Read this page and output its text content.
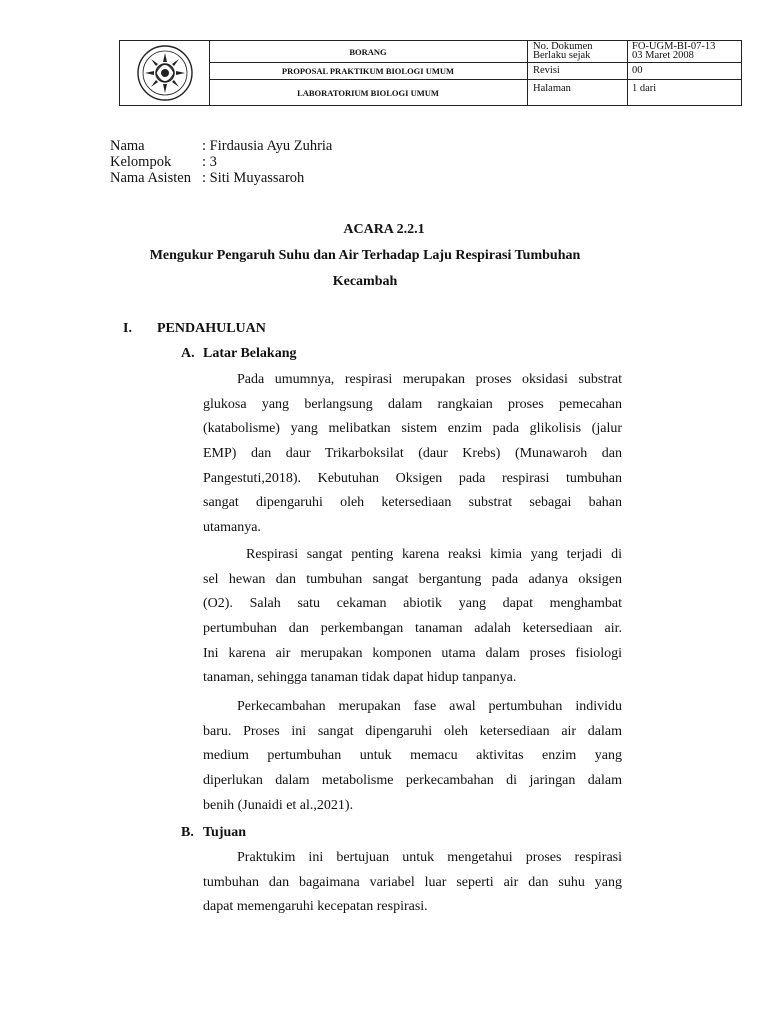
BORANG
PROPOSAL PRAKTIKUM BIOLOGI UMUM
LABORATORIUM BIOLOGI UMUM
No. Dokumen	FO-UGM-BI-07-13
Berlaku sejak	03 Maret 2008
Revisi	00
Halaman	1 dari
Nama	: Firdausia Ayu Zuhria
Kelompok	: 3
Nama Asisten : Siti Muyassaroh
ACARA 2.2.1
Mengukur Pengaruh Suhu dan Air Terhadap Laju Respirasi Tumbuhan
Kecambah
I. PENDAHULUAN
A. Latar Belakang
Pada umumnya, respirasi merupakan proses oksidasi substrat
glukosa yang berlangsung dalam rangkaian proses pemecahan
(katabolisme) yang melibatkan sistem enzim pada glikolisis (jalur
EMP) dan daur Trikarboksilat (daur Krebs) (Munawaroh dan
Pangestuti,2018). Kebutuhan Oksigen pada respirasi tumbuhan
sangat dipengaruhi oleh ketersediaan substrat sebagai bahan
utamanya.
Respirasi sangat penting karena reaksi kimia yang terjadi di
sel hewan dan tumbuhan sangat bergantung pada adanya oksigen
(O2). Salah satu cekaman abiotik yang dapat menghambat
pertumbuhan dan perkembangan tanaman adalah ketersediaan air.
Ini karena air merupakan komponen utama dalam proses fisiologi
tanaman, sehingga tanaman tidak dapat hidup tanpanya.
Perkecambahan merupakan fase awal pertumbuhan individu
baru. Proses ini sangat dipengaruhi oleh ketersediaan air dalam
medium pertumbuhan untuk memacu aktivitas enzim yang
diperlukan dalam metabolisme perkecambahan di jaringan dalam
benih (Junaidi et al.,2021).
B. Tujuan
Praktukim ini bertujuan untuk mengetahui proses respirasi
tumbuhan dan bagaimana variabel luar seperti air dan suhu yang
dapat memengaruhi kecepatan respirasi.
